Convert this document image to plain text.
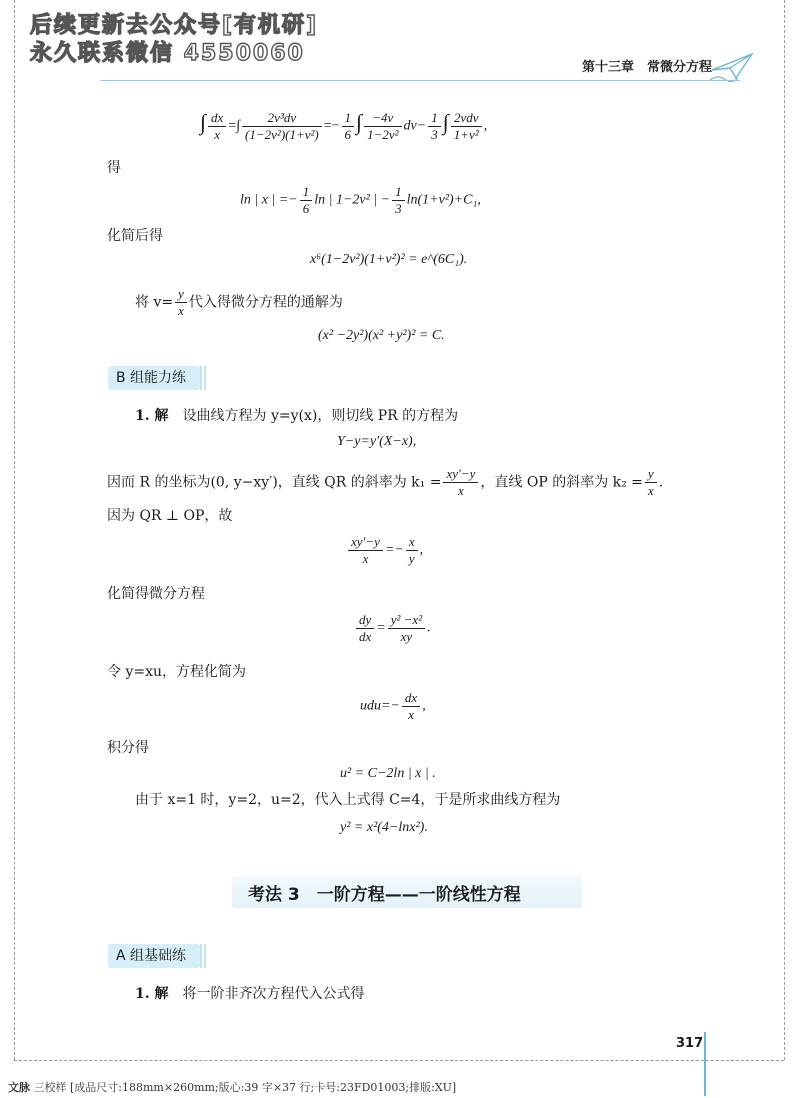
后续更新去公众号[有机研]
永久联系微信 4550060
第十三章　常微分方程
∫ $\frac{dx}{x}$ =∫ $\frac{\text{2v³dv}}{\text{(1−2v²)(1+v²)}} =- \frac{1}{6}$ ∫ $\frac{-4v}{\text{1−2v²}} dv- \frac{1}{3}$ ∫ $\frac{\text{2vdv}}{\text{1+v²}}$ ,
得
ln | x | =− $\frac{1}{6}$ ln | 1−2v² | − $\frac{1}{3} \ln(1+v^2)+C_1$,
化简后得
x⁶(1−2v²)(1+v²)² = e^(6C₁).
将 $v= \frac{y}{x}$ 代入得微分方程的通解为
(x² −2y²)(x² +y²)² = C.
B 组能力练
1. 解　 设曲线方程为 y=y(x)，则切线 PR 的方程为
Y−y=y′(X−x),
因而 R 的坐标为(0, y−xy′)，直线 QR 的斜率为 $k_1 = \frac{xy'-y}{x}$ ，直线 OP 的斜率为 $k_2 = \frac{y}{x}$ .
因为 QR ⊥ OP，故
$\frac{xy'-y}{x} =- \frac{x}{y}$ ,
化简得微分方程
$\frac{dy}{dx} = \frac{\text{y² −x²}}{xy}$ .
令 y=xu，方程化简为
$udu=- \frac{dx}{x}$ ,
积分得
u² = C−2ln | x | .
由于 x=1 时，y=2，u=2，代入上式得 C=4，于是所求曲线方程为
y² = x²(4−lnx²).
考法 3　一阶方程——一阶线性方程
A 组基础练
1. 解　 将一阶非齐次方程代入公式得
317
文脉 三校样 [成品尺寸:188mm×260mm;版心:39 字×37 行;卡号:23FD01003;排版:XU]
